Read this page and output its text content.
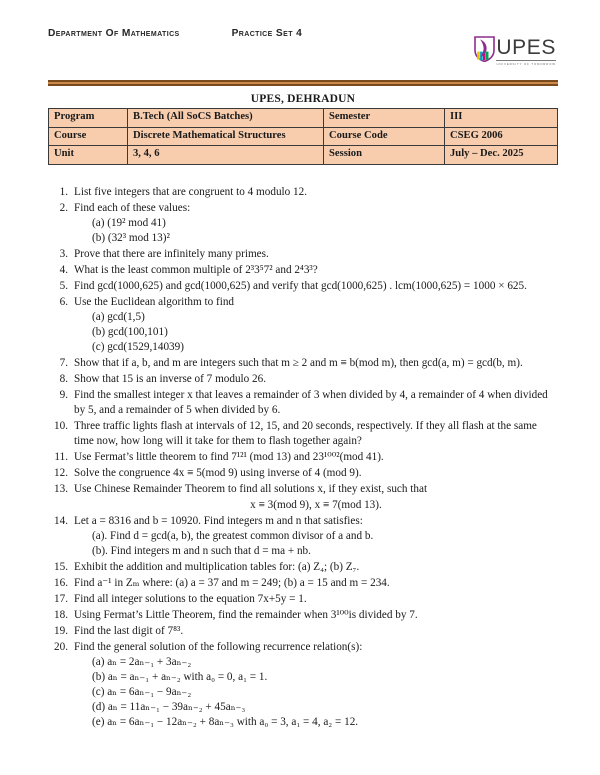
Department Of Mathematics	Practice Set 4
UPES
UNIVERSITY OF TOMORROW
UPES, DEHRADUN
Program	B.Tech (All SoCS Batches)	Semester	III
Course	Discrete Mathematical Structures	Course Code	CSEG 2006
Unit	3, 4, 6	Session	July – Dec. 2025
1. List five integers that are congruent to 4 modulo 12.
2. Find each of these values:
(a) (19² mod 41)
(b) (32³ mod 13)²
3. Prove that there are infinitely many primes.
4. What is the least common multiple of 2³3⁵7² and 2⁴3³?
5. Find gcd(1000,625) and gcd(1000,625) and verify that gcd(1000,625) . lcm(1000,625) = 1000 × 625.
6. Use the Euclidean algorithm to find
(a) gcd(1,5)
(b) gcd(100,101)
(c) gcd(1529,14039)
7. Show that if a, b, and m are integers such that m ≥ 2 and m ≡ b(mod m), then gcd(a, m) = gcd(b, m).
8. Show that 15 is an inverse of 7 modulo 26.
9. Find the smallest integer x that leaves a remainder of 3 when divided by 4, a remainder of 4 when divided by 5, and a remainder of 5 when divided by 6.
10. Three traffic lights flash at intervals of 12, 15, and 20 seconds, respectively. If they all flash at the same time now, how long will it take for them to flash together again?
11. Use Fermat’s little theorem to find 7¹²¹ (mod 13) and 23¹⁰⁰²(mod 41).
12. Solve the congruence 4x ≡ 5(mod 9) using inverse of 4 (mod 9).
13. Use Chinese Remainder Theorem to find all solutions x, if they exist, such that
x ≡ 3(mod 9), x ≡ 7(mod 13).
14. Let a = 8316 and b = 10920. Find integers m and n that satisfies:
(a). Find d = gcd(a, b), the greatest common divisor of a and b.
(b). Find integers m and n such that d = ma + nb.
15. Exhibit the addition and multiplication tables for: (a) Z₄; (b) Z₇.
16. Find a⁻¹ in Zₘ where: (a) a = 37 and m = 249; (b) a = 15 and m = 234.
17. Find all integer solutions to the equation 7x+5y = 1.
18. Using Fermat’s Little Theorem, find the remainder when 3¹⁰⁰is divided by 7.
19. Find the last digit of 7⁸³.
20. Find the general solution of the following recurrence relation(s):
(a) aₙ = 2aₙ₋₁ + 3aₙ₋₂
(b) aₙ = aₙ₋₁ + aₙ₋₂ with a₀ = 0, a₁ = 1.
(c) aₙ = 6aₙ₋₁ − 9aₙ₋₂
(d) aₙ = 11aₙ₋₁ − 39aₙ₋₂ + 45aₙ₋₃
(e) aₙ = 6aₙ₋₁ − 12aₙ₋₂ + 8aₙ₋₃ with a₀ = 3, a₁ = 4, a₂ = 12.
